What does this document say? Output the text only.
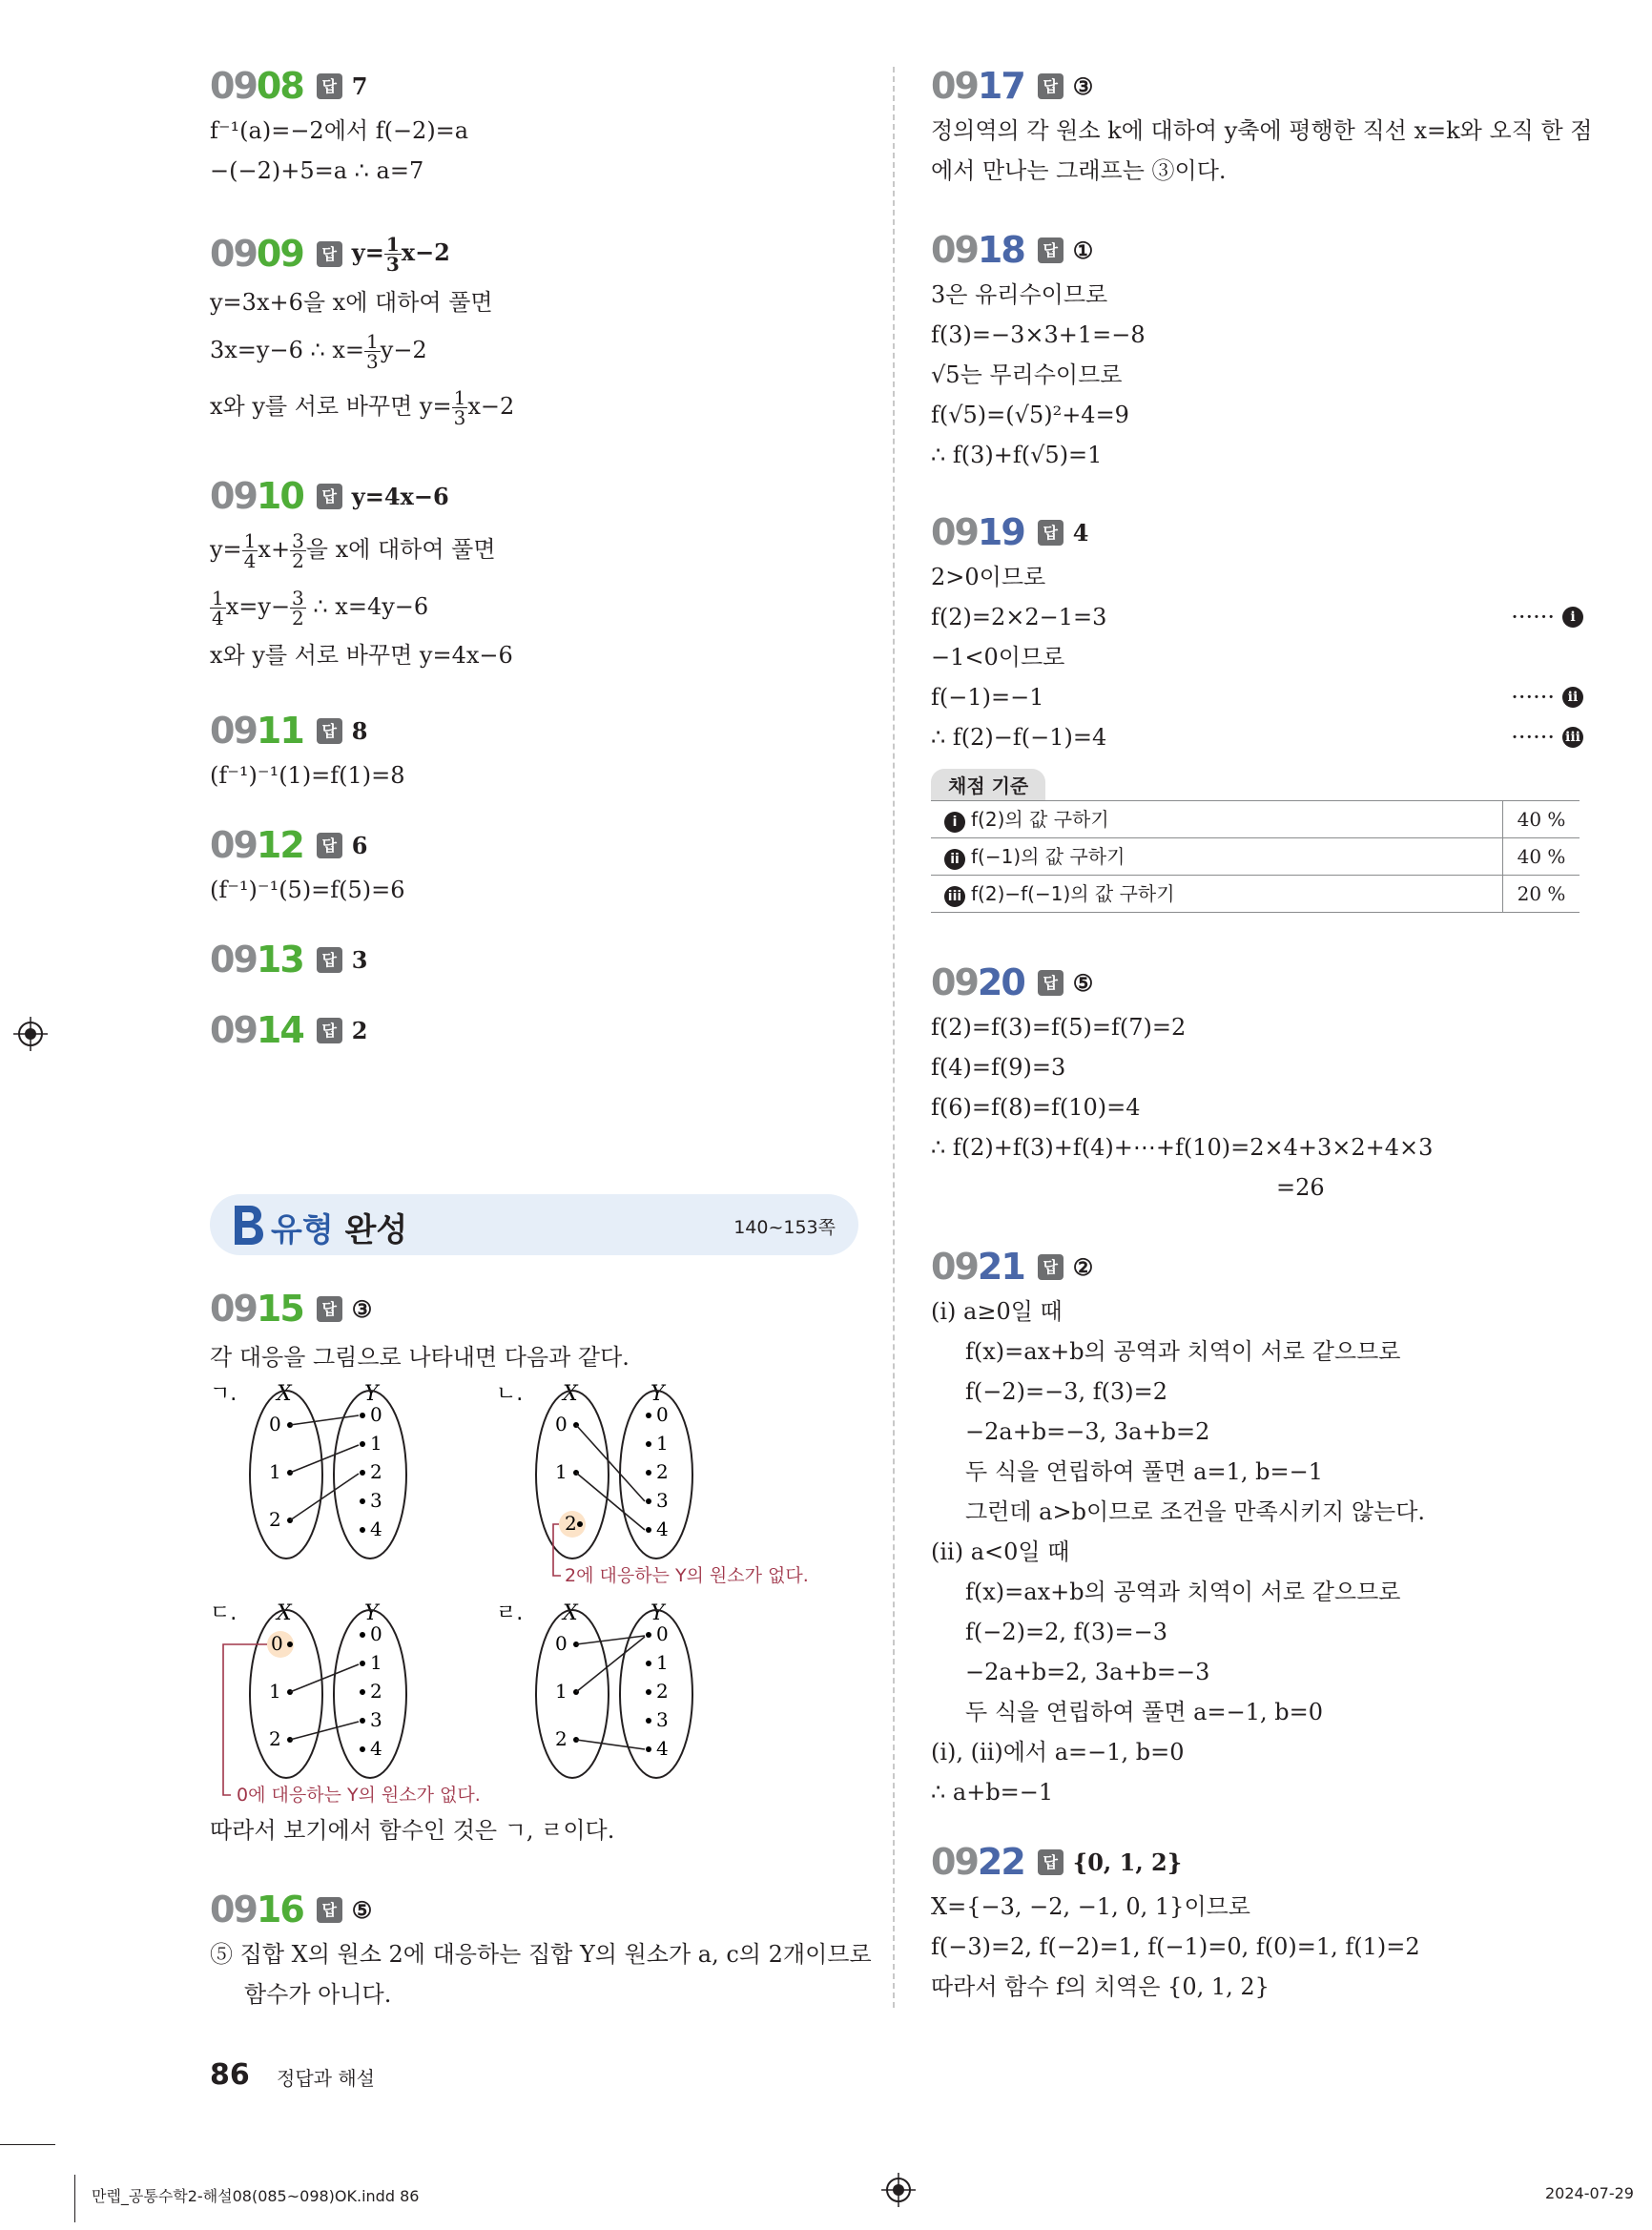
0908	답 7
f⁻¹(a)=−2에서 f(−2)=a
−(−2)+5=a ∴ a=7
0909	답 $y= \frac{1}{3} x-2$
y=3x+6을 x에 대하여 풀면
3x=y−6 ∴ $x= \frac{1}{3} y-2$
x와 y를 서로 바꾸면 $y= \frac{1}{3} x-2$
0910	답 y=4x−6
$y= \frac{1}{4} x+ \frac{3}{2}$ 을 x에 대하여 풀면
$\frac{1}{4} x=y- \frac{3}{2}$ ∴ x=4y−6
x와 y를 서로 바꾸면 y=4x−6
0911	답 8
(f⁻¹)⁻¹(1)=f(1)=8
0912	답 6
(f⁻¹)⁻¹(5)=f(5)=6
0913	답 3
0914	답 2
유형 완성	140~153쪽
0915	답 ③
각 대응을 그림으로 나타내면 다음과 같다.
ㄱ. X	Y
0
1
2
0
1
2
3
4
ㄴ. X	Y
0
1
2
0
1
2
3
4
2에 대응하는 Y의 원소가 없다.
ㄷ. X	Y
0
1
2
0
1
2
3
4
0에 대응하는 Y의 원소가 없다.
ㄹ. X	Y
0
1
2
0
1
2
3
4
따라서 보기에서 함수인 것은 ㄱ, ㄹ이다.
0916	답 ⑤
⑤ 집합 X의 원소 2에 대응하는 집합 Y의 원소가 a, c의 2개이므로
함수가 아니다.
0917	답 ③
정의역의 각 원소 k에 대하여 y축에 평행한 직선 x=k와 오직 한 점
에서 만나는 그래프는 ③이다.
0918	답 ①
3은 유리수이므로
f(3)=−3×3+1=−8
√5는 무리수이므로
f(√5)=(√5)²+4=9
∴ f(3)+f(√5)=1
0919	답 4
2>0이므로
f(2)=2×2−1=3	······	i
−1<0이므로
f(−1)=−1	······ ii
∴ f(2)−f(−1)=4	······ iii
채점 기준
i f(2)의 값 구하기	40 %
ii f(−1)의 값 구하기	40 %
iii f(2)−f(−1)의 값 구하기	20 %
0920	답 ⑤
f(2)=f(3)=f(5)=f(7)=2
f(4)=f(9)=3
f(6)=f(8)=f(10)=4
∴ f(2)+f(3)+f(4)+⋯+f(10)=2×4+3×2+4×3
=26
0921	답 ②
(i) a≥0일 때
f(x)=ax+b의 공역과 치역이 서로 같으므로
f(−2)=−3, f(3)=2
−2a+b=−3, 3a+b=2
두 식을 연립하여 풀면 a=1, b=−1
그런데 a>b이므로 조건을 만족시키지 않는다.
(ii) a<0일 때
f(x)=ax+b의 공역과 치역이 서로 같으므로
f(−2)=2, f(3)=−3
−2a+b=2, 3a+b=−3
두 식을 연립하여 풀면 a=−1, b=0
(i), (ii)에서 a=−1, b=0
∴ a+b=−1
0922	답 {0, 1, 2}
X={−3, −2, −1, 0, 1}이므로
f(−3)=2, f(−2)=1, f(−1)=0, f(0)=1, f(1)=2
따라서 함수 f의 치역은 {0, 1, 2}
86 정답과 해설
만렙_공통수학2-해설08(085~098)OK.indd 86	2024-07-29
